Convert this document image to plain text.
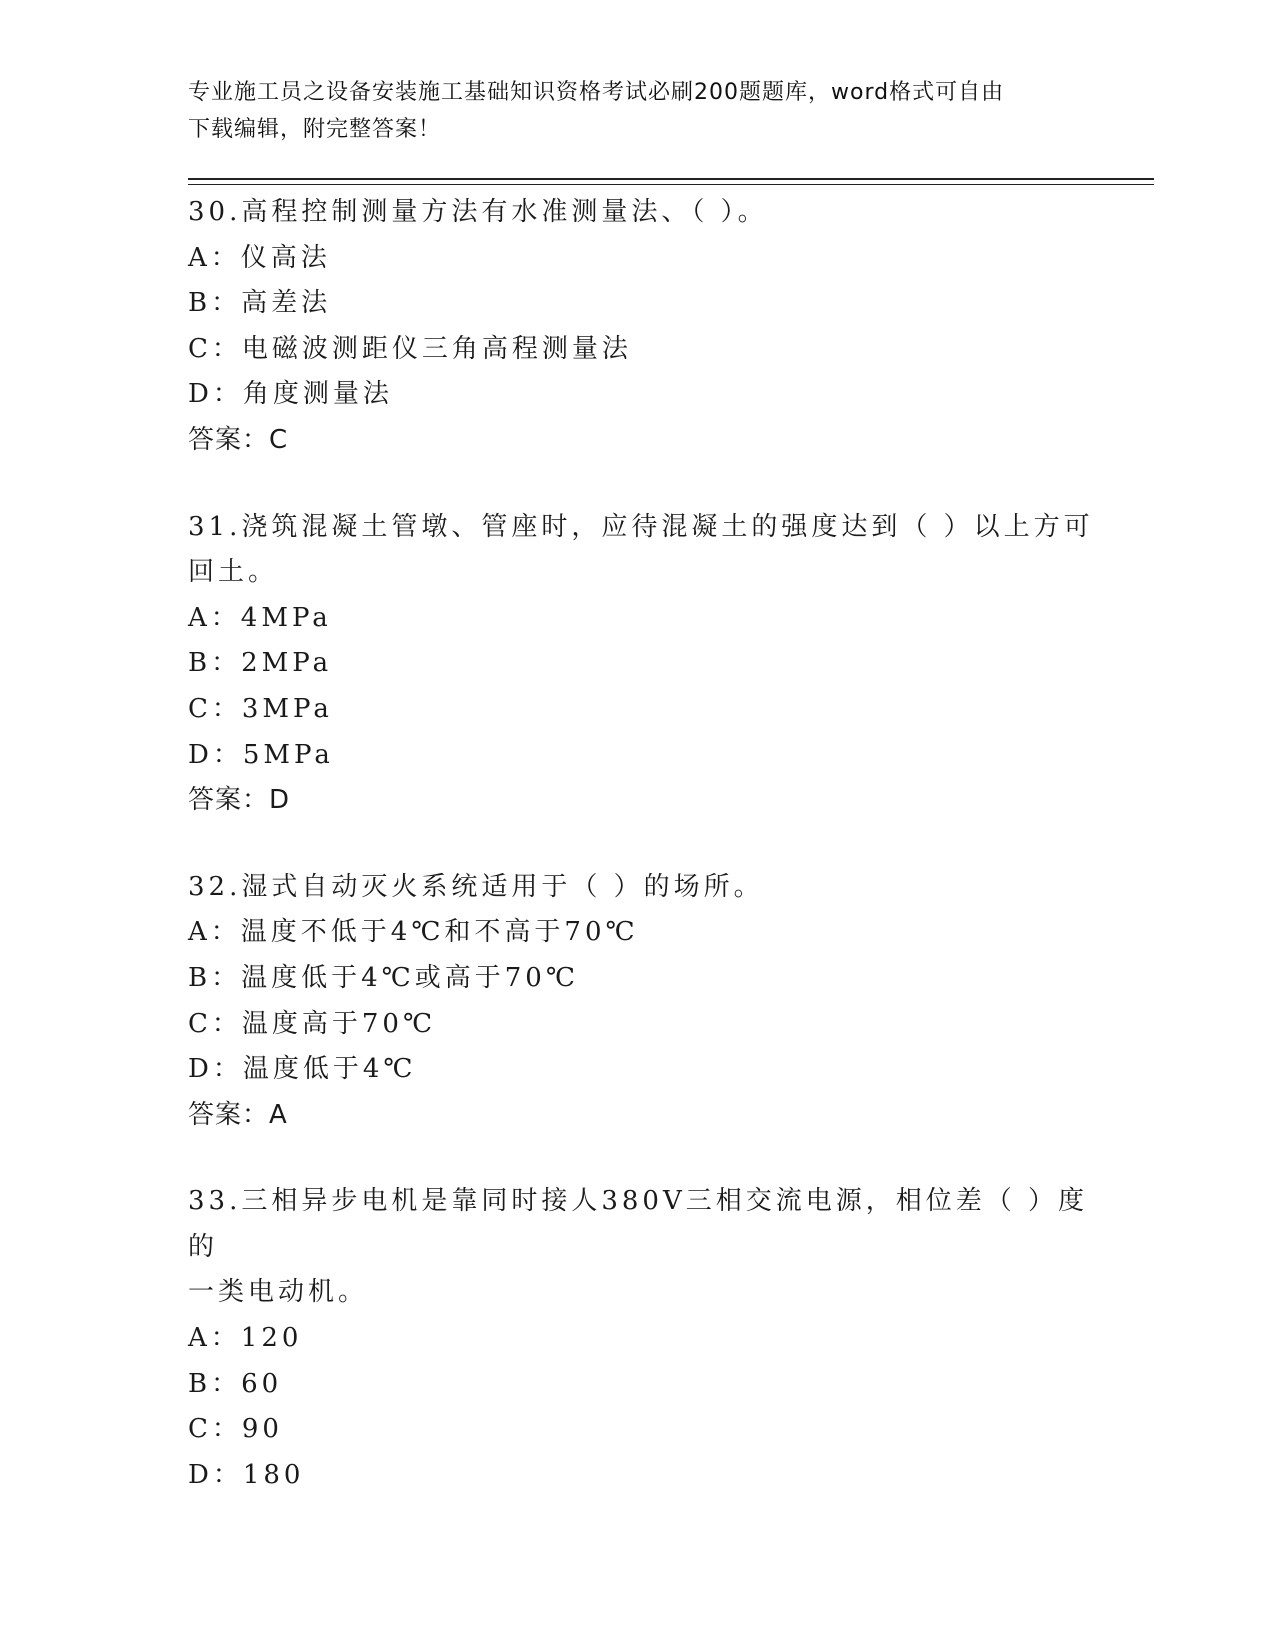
专业施工员之设备安装施工基础知识资格考试必刷200题题库，word格式可自由
下载编辑，附完整答案！
30.高程控制测量方法有水准测量法、（ ）。
A：仪高法
B：高差法
C：电磁波测距仪三角高程测量法
D：角度测量法
答案：C
31.浇筑混凝土管墩、管座时，应待混凝土的强度达到（ ）以上方可
回土。
A：4MPa
B：2MPa
C：3MPa
D：5MPa
答案：D
32.湿式自动灭火系统适用于（ ）的场所。
A：温度不低于4℃和不高于70℃
B：温度低于4℃或高于70℃
C：温度高于70℃
D：温度低于4℃
答案：A
33.三相异步电机是靠同时接人380V三相交流电源，相位差（ ）度的
一类电动机。
A：120
B：60
C：90
D：180
